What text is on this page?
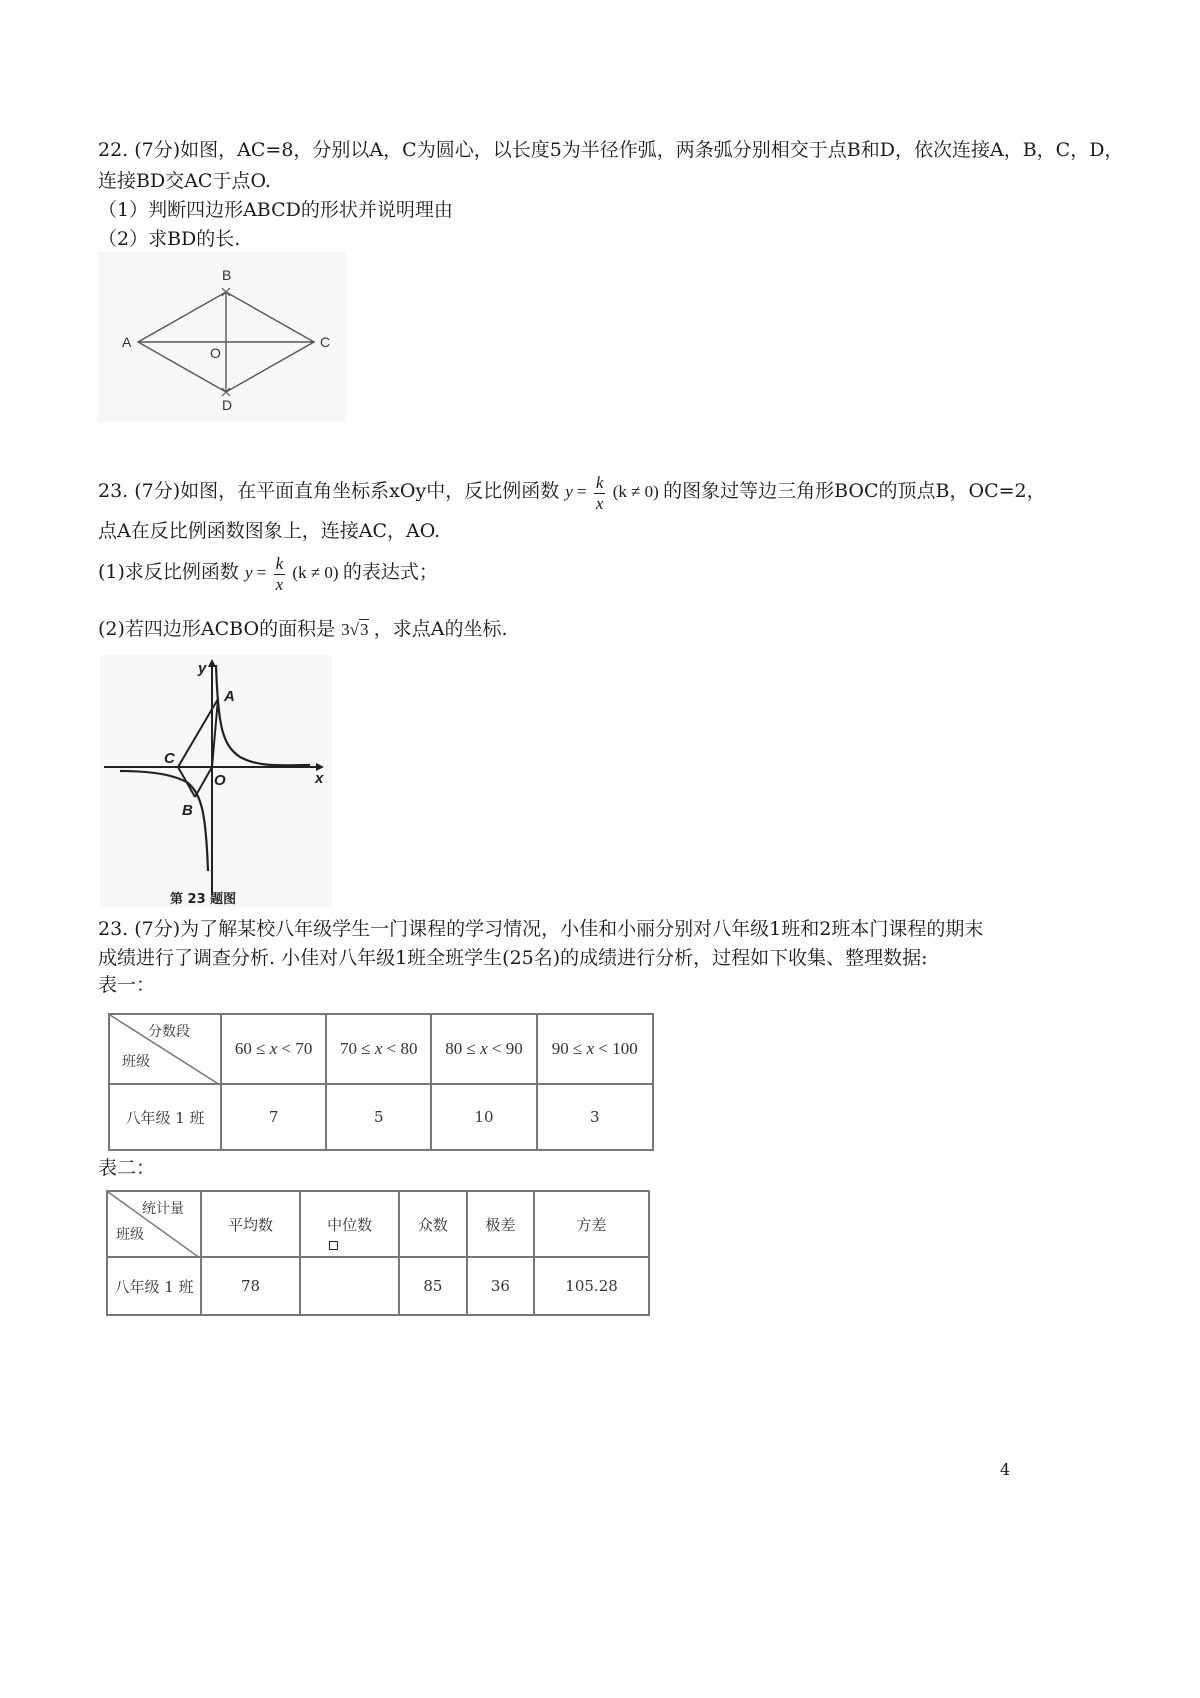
22. (7分)如图，AC=8，分别以A，C为圆心，以长度5为半径作弧，两条弧分别相交于点B和D，依次连接A，B，C，D，
连接BD交AC于点O.
（1）判断四边形ABCD的形状并说明理由
（2）求BD的长.
A
B
C
D
O
23. (7分)如图，在平面直角坐标系xOy中，反比例函数 $y = \frac{k}{x} (k \ne 0)$ 的图象过等边三角形BOC的顶点B，OC=2，
点A在反比例函数图象上，连接AC，AO.
(1)求反比例函数 $y = \frac{k}{x} (k \ne 0)$ 的表达式；
(2)若四边形ACBO的面积是 3√3 ，求点A的坐标.
y
x
A
C
O
B
第 23 题图
23. (7分)为了解某校八年级学生一门课程的学习情况，小佳和小丽分别对八年级1班和2班本门课程的期末
成绩进行了调查分析. 小佳对八年级1班全班学生(25名)的成绩进行分析，过程如下收集、整理数据:
表一：
分数段
班级	60 ≤ x < 70	70 ≤ x < 80	80 ≤ x < 90	90 ≤ x < 100
八年级 1 班	7	5	10	3
表二：
统计量
班级	平均数	中位数	众数	极差	方差
八年级 1 班	78		85	36	105.28
4
